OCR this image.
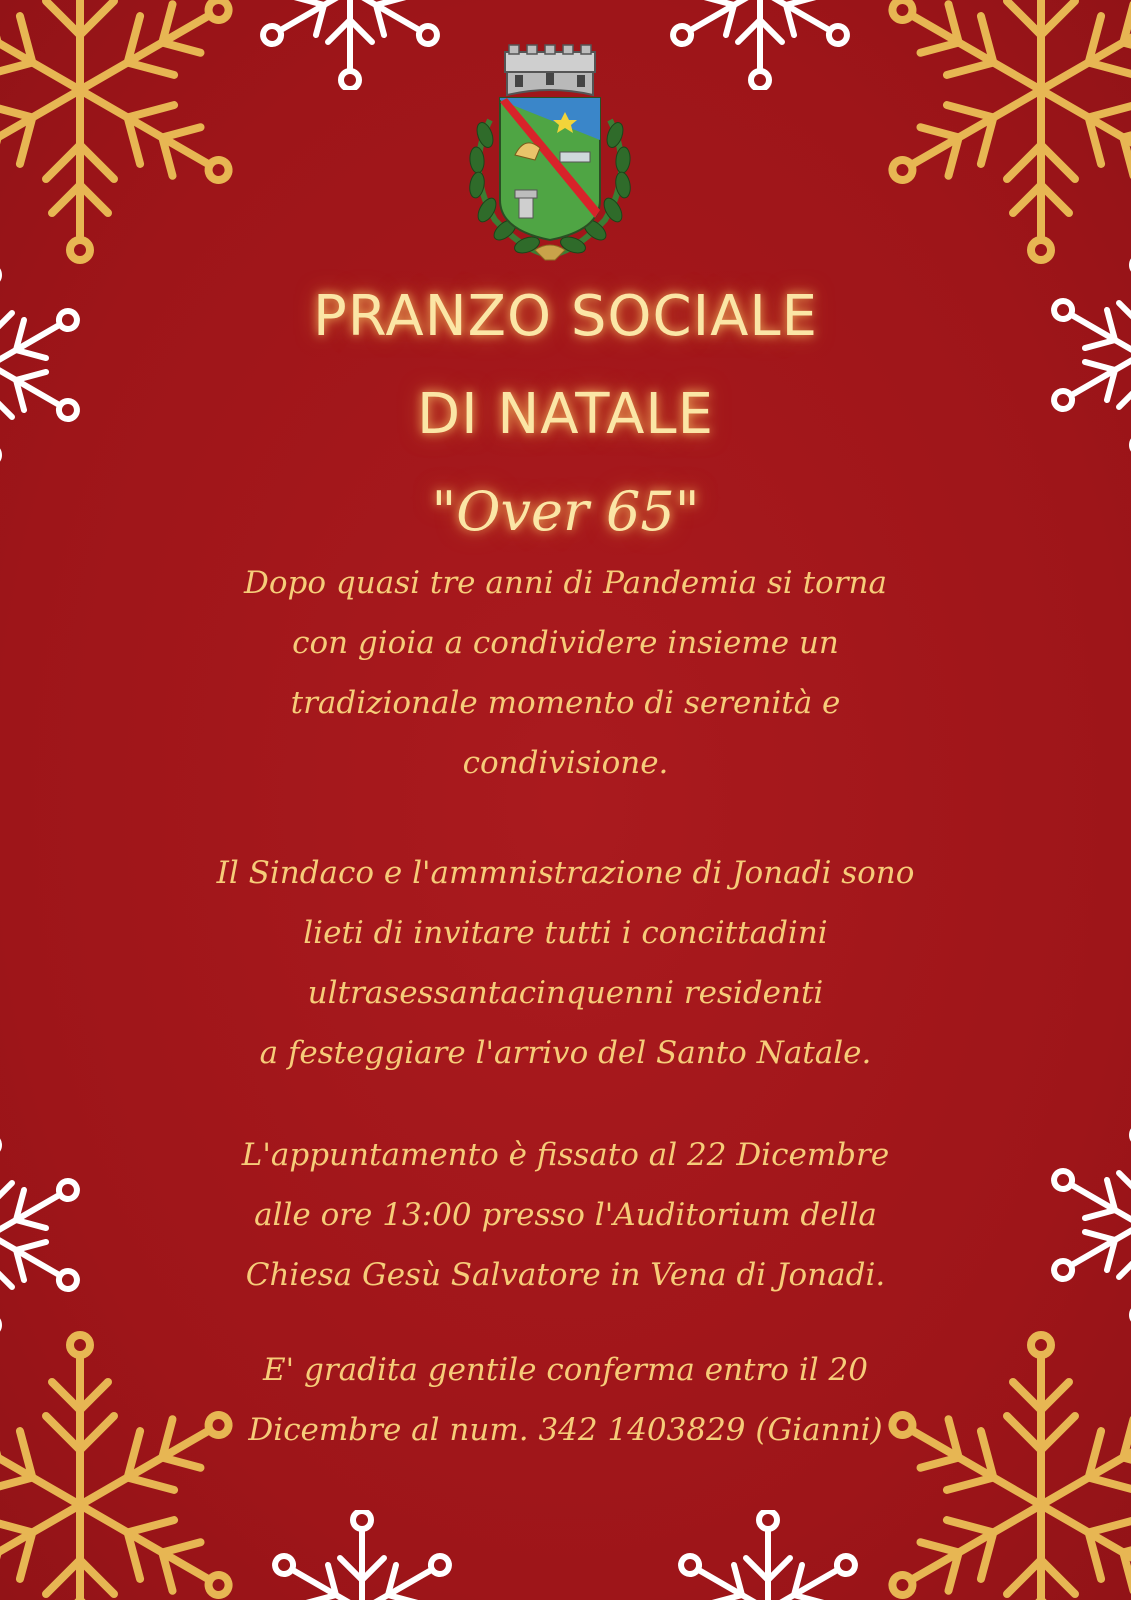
PRANZO SOCIALE
DI NATALE
"Over 65"
Dopo quasi tre anni di Pandemia si torna
con gioia a condividere insieme un
tradizionale momento di serenità e
condivisione.
Il Sindaco e l'ammnistrazione di Jonadi sono
lieti di invitare tutti i concittadini
ultrasessantacinquenni residenti
a festeggiare l'arrivo del Santo Natale.
L'appuntamento è fissato al 22 Dicembre
alle ore 13:00 presso l'Auditorium della
Chiesa Gesù Salvatore in Vena di Jonadi.
E' gradita gentile conferma entro il 20
Dicembre al num. 342 1403829 (Gianni)
